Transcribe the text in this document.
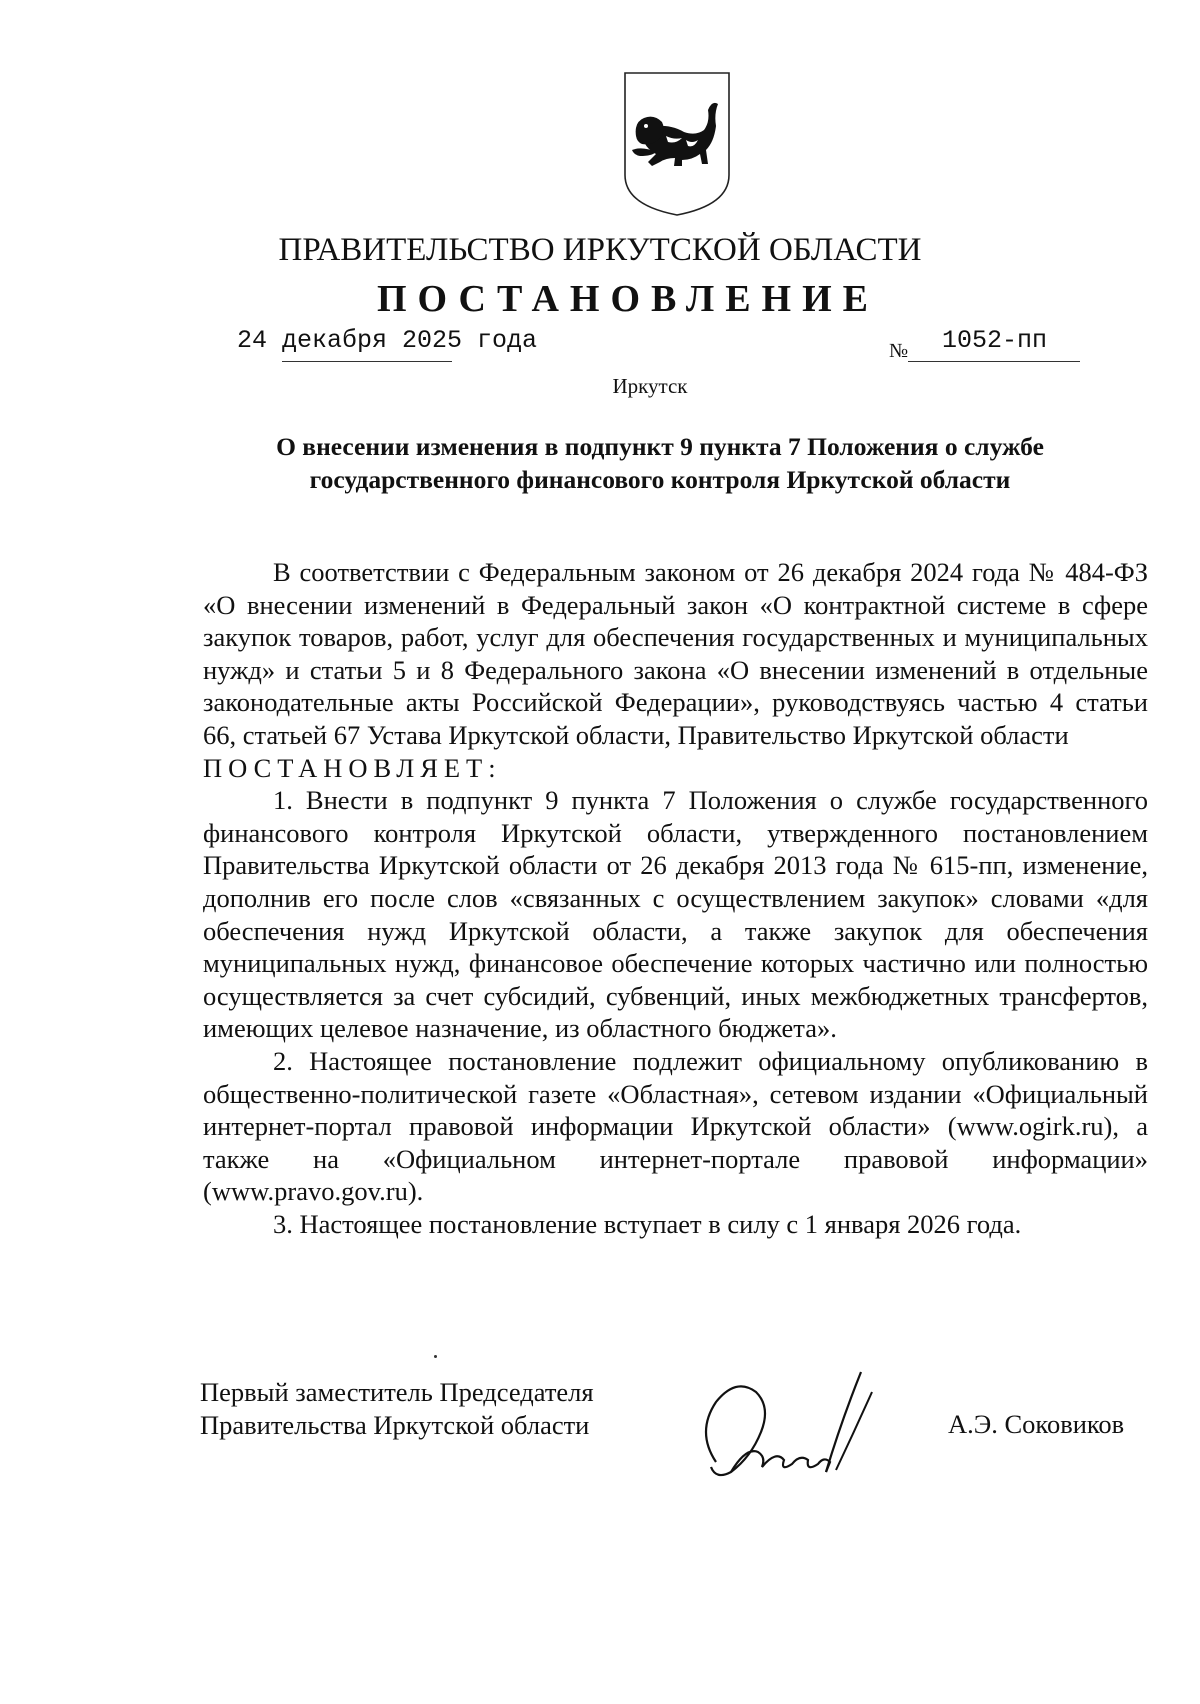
ПРАВИТЕЛЬСТВО ИРКУТСКОЙ ОБЛАСТИ
ПОСТАНОВЛЕНИЕ
24 декабря 2025 года	№ 1052-пп
Иркутск
О внесении изменения в подпункт 9 пункта 7 Положения о службе
государственного финансового контроля Иркутской области

В соответствии с Федеральным законом от 26 декабря 2024 года № 484-ФЗ «О внесении изменений в Федеральный закон «О контрактной системе в сфере закупок товаров, работ, услуг для обеспечения государственных и муниципальных нужд» и статьи 5 и 8 Федерального закона «О внесении изменений в отдельные законодательные акты Российской Федерации», руководствуясь частью 4 статьи 66, статьей 67 Устава Иркутской области, Правительство Иркутской области

ПОСТАНОВЛЯЕТ:

1. Внести в подпункт 9 пункта 7 Положения о службе государственного финансового контроля Иркутской области, утвержденного постановлением Правительства Иркутской области от 26 декабря 2013 года № 615-пп, изменение, дополнив его после слов «связанных с осуществлением закупок» словами «для обеспечения нужд Иркутской области, а также закупок для обеспечения муниципальных нужд, финансовое обеспечение которых частично или полностью осуществляется за счет субсидий, субвенций, иных межбюджетных трансфертов, имеющих целевое назначение, из областного бюджета».

2. Настоящее постановление подлежит официальному опубликованию в общественно-политической газете «Областная», сетевом издании «Официальный интернет-портал правовой информации Иркутской области» (www.ogirk.ru), а также на «Официальном интернет-портале правовой информации» (www.pravo.gov.ru).

3. Настоящее постановление вступает в силу с 1 января 2026 года.

Первый заместитель Председателя
Правительства Иркутской области	А.Э. Соковиков
